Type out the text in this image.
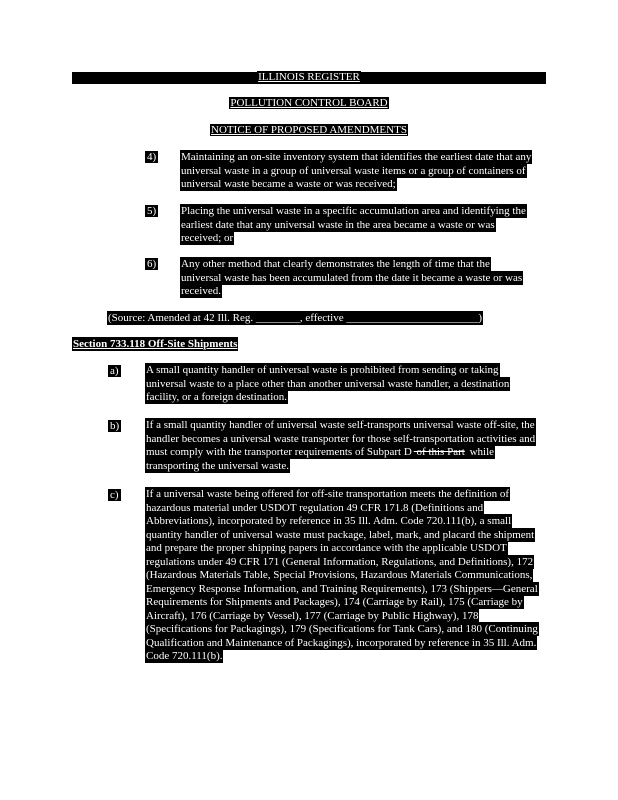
ILLINOIS REGISTER
POLLUTION CONTROL BOARD
NOTICE OF PROPOSED AMENDMENTS
4) Maintaining an on-site inventory system that identifies the earliest date that any universal waste in a group of universal waste items or a group of containers of universal waste became a waste or was received;
5) Placing the universal waste in a specific accumulation area and identifying the earliest date that any universal waste in the area became a waste or was received; or
6) Any other method that clearly demonstrates the length of time that the universal waste has been accumulated from the date it became a waste or was received.
(Source: Amended at 42 Ill. Reg. ________, effective ________________________)
Section 733.118 Off-Site Shipments
a) A small quantity handler of universal waste is prohibited from sending or taking universal waste to a place other than another universal waste handler, a destination facility, or a foreign destination.
b) If a small quantity handler of universal waste self-transports universal waste off-site, the handler becomes a universal waste transporter for those self-transportation activities and must comply with the transporter requirements of Subpart D of this Part while transporting the universal waste.
c) If a universal waste being offered for off-site transportation meets the definition of hazardous material under USDOT regulation 49 CFR 171.8 (Definitions and Abbreviations), incorporated by reference in 35 Ill. Adm. Code 720.111(b), a small quantity handler of universal waste must package, label, mark, and placard the shipment and prepare the proper shipping papers in accordance with the applicable USDOT regulations under 49 CFR 171 (General Information, Regulations, and Definitions), 172 (Hazardous Materials Table, Special Provisions, Hazardous Materials Communications, Emergency Response Information, and Training Requirements), 173 (Shippers—General Requirements for Shipments and Packages), 174 (Carriage by Rail), 175 (Carriage by Aircraft), 176 (Carriage by Vessel), 177 (Carriage by Public Highway), 178 (Specifications for Packagings), 179 (Specifications for Tank Cars), and 180 (Continuing Qualification and Maintenance of Packagings), incorporated by reference in 35 Ill. Adm. Code 720.111(b).
